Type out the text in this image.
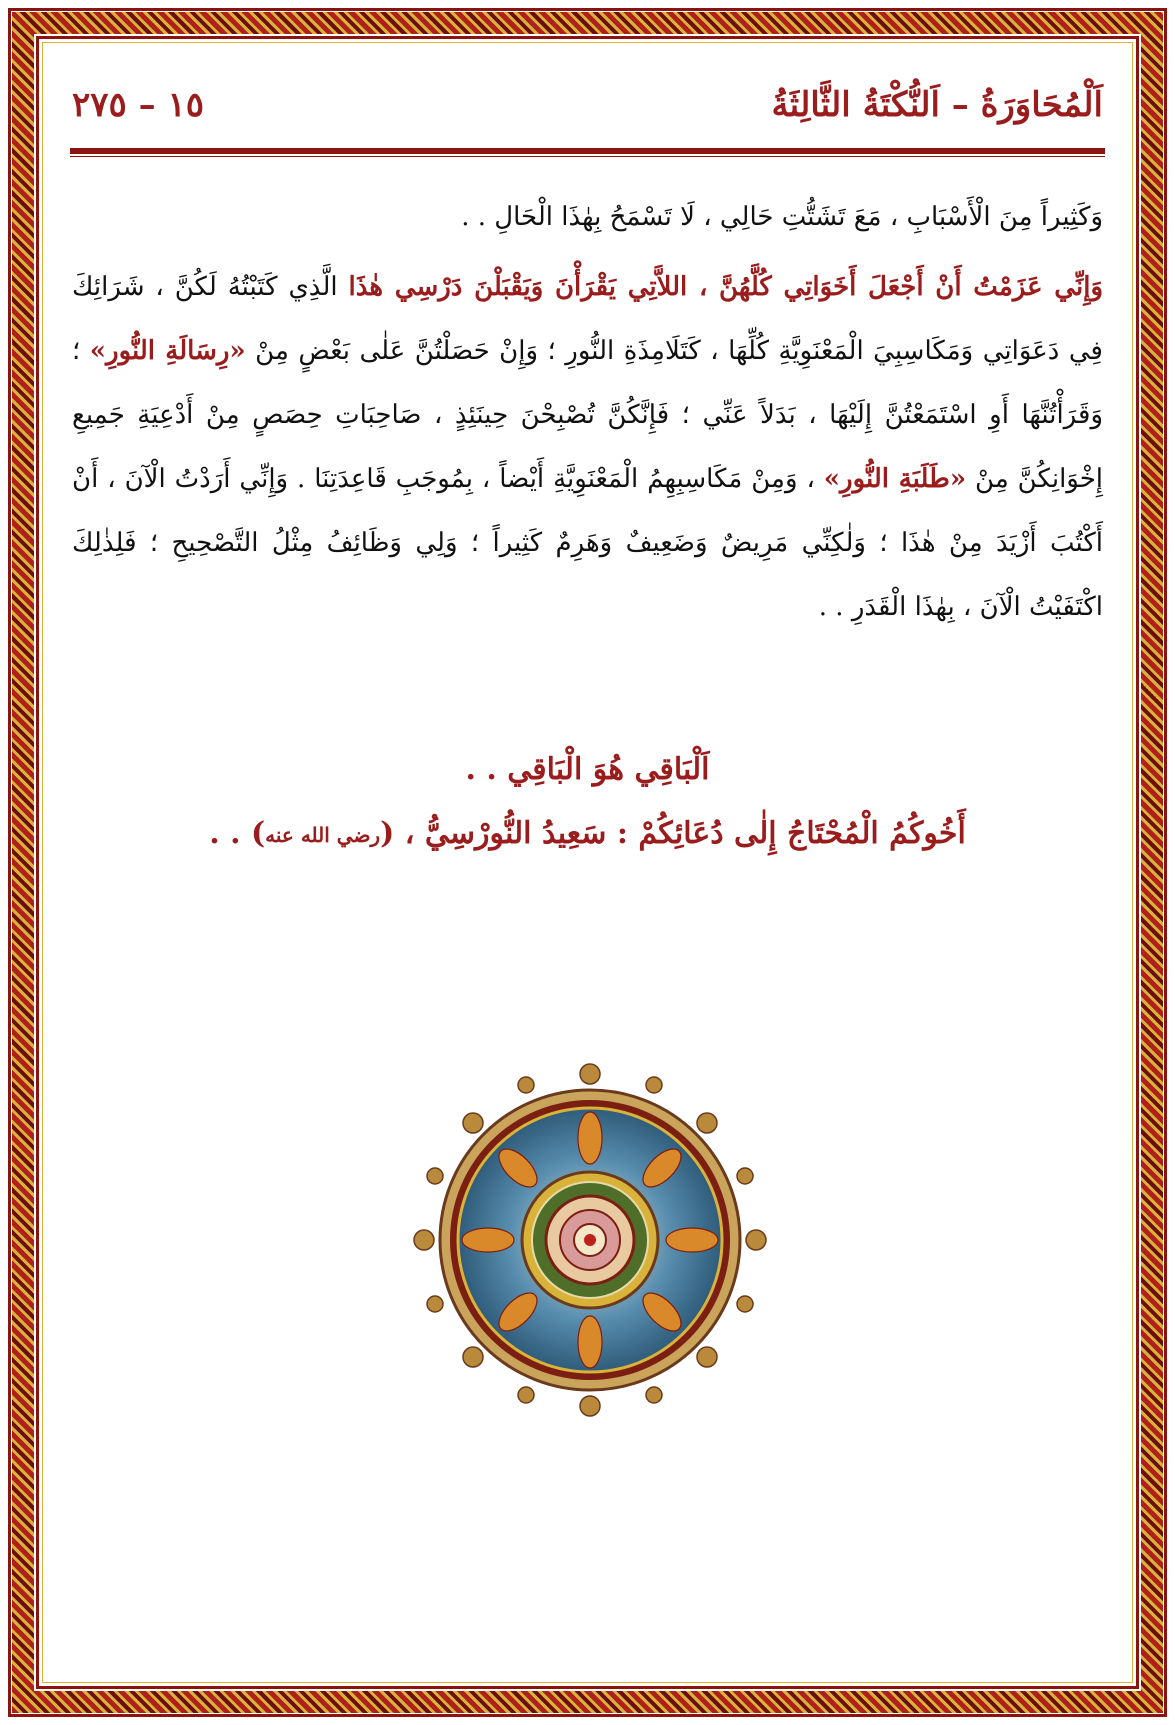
١٥ – ٢٧٥	اَلْمُحَاوَرَةُ – اَلنُّكْتَةُ الثَّالِثَةُ

وَكَثِيراً مِنَ الْأَسْبَابِ ، مَعَ تَشَتُّتِ حَالِي ، لَا تَسْمَحُ بِهٰذَا الْحَالِ . .

وَإِنِّي عَزَمْتُ أَنْ أَجْعَلَ أَخَوَاتِي كُلَّهُنَّ ، اللاَّتِي يَقْرَأْنَ وَيَقْبَلْنَ دَرْسِي هٰذَا الَّذِي كَتَبْتُهُ لَكُنَّ ، شَرَائِكَ فِي دَعَوَاتِي وَمَكَاسِبِيَ الْمَعْنَوِيَّةِ كُلِّهَا ، كَتَلَامِذَةِ النُّورِ ؛ وَإِنْ حَصَلْتُنَّ عَلٰى بَعْضٍ مِنْ «رِسَالَةِ النُّورِ» ؛ وَقَرَأْتُنَّهَا أَوِ اسْتَمَعْتُنَّ إِلَيْهَا ، بَدَلاً عَنِّي ؛ فَإِنَّكُنَّ تُصْبِحْنَ حِينَئِذٍ ، صَاحِبَاتِ حِصَصٍ مِنْ أَدْعِيَةِ جَمِيعِ إِخْوَانِكُنَّ مِنْ «طَلَبَةِ النُّورِ» ، وَمِنْ مَكَاسِبِهِمُ الْمَعْنَوِيَّةِ أَيْضاً ، بِمُوجَبِ قَاعِدَتِنَا . وَإِنِّي أَرَدْتُ الْآنَ ، أَنْ أَكْتُبَ أَزْيَدَ مِنْ هٰذَا ؛ وَلٰكِنِّي مَرِيضٌ وَضَعِيفٌ وَهَرِمٌ كَثِيراً ؛ وَلِي وَظَائِفُ مِثْلُ التَّصْحِيحِ ؛ فَلِذٰلِكَ اكْتَفَيْتُ الْآنَ ، بِهٰذَا الْقَدَرِ . .

اَلْبَاقِي هُوَ الْبَاقِي . .
أَخُوكُمُ الْمُحْتَاجُ إِلٰى دُعَائِكُمْ : سَعِيدُ النُّورْسِيُّ ، (رضي الله عنه) . .
